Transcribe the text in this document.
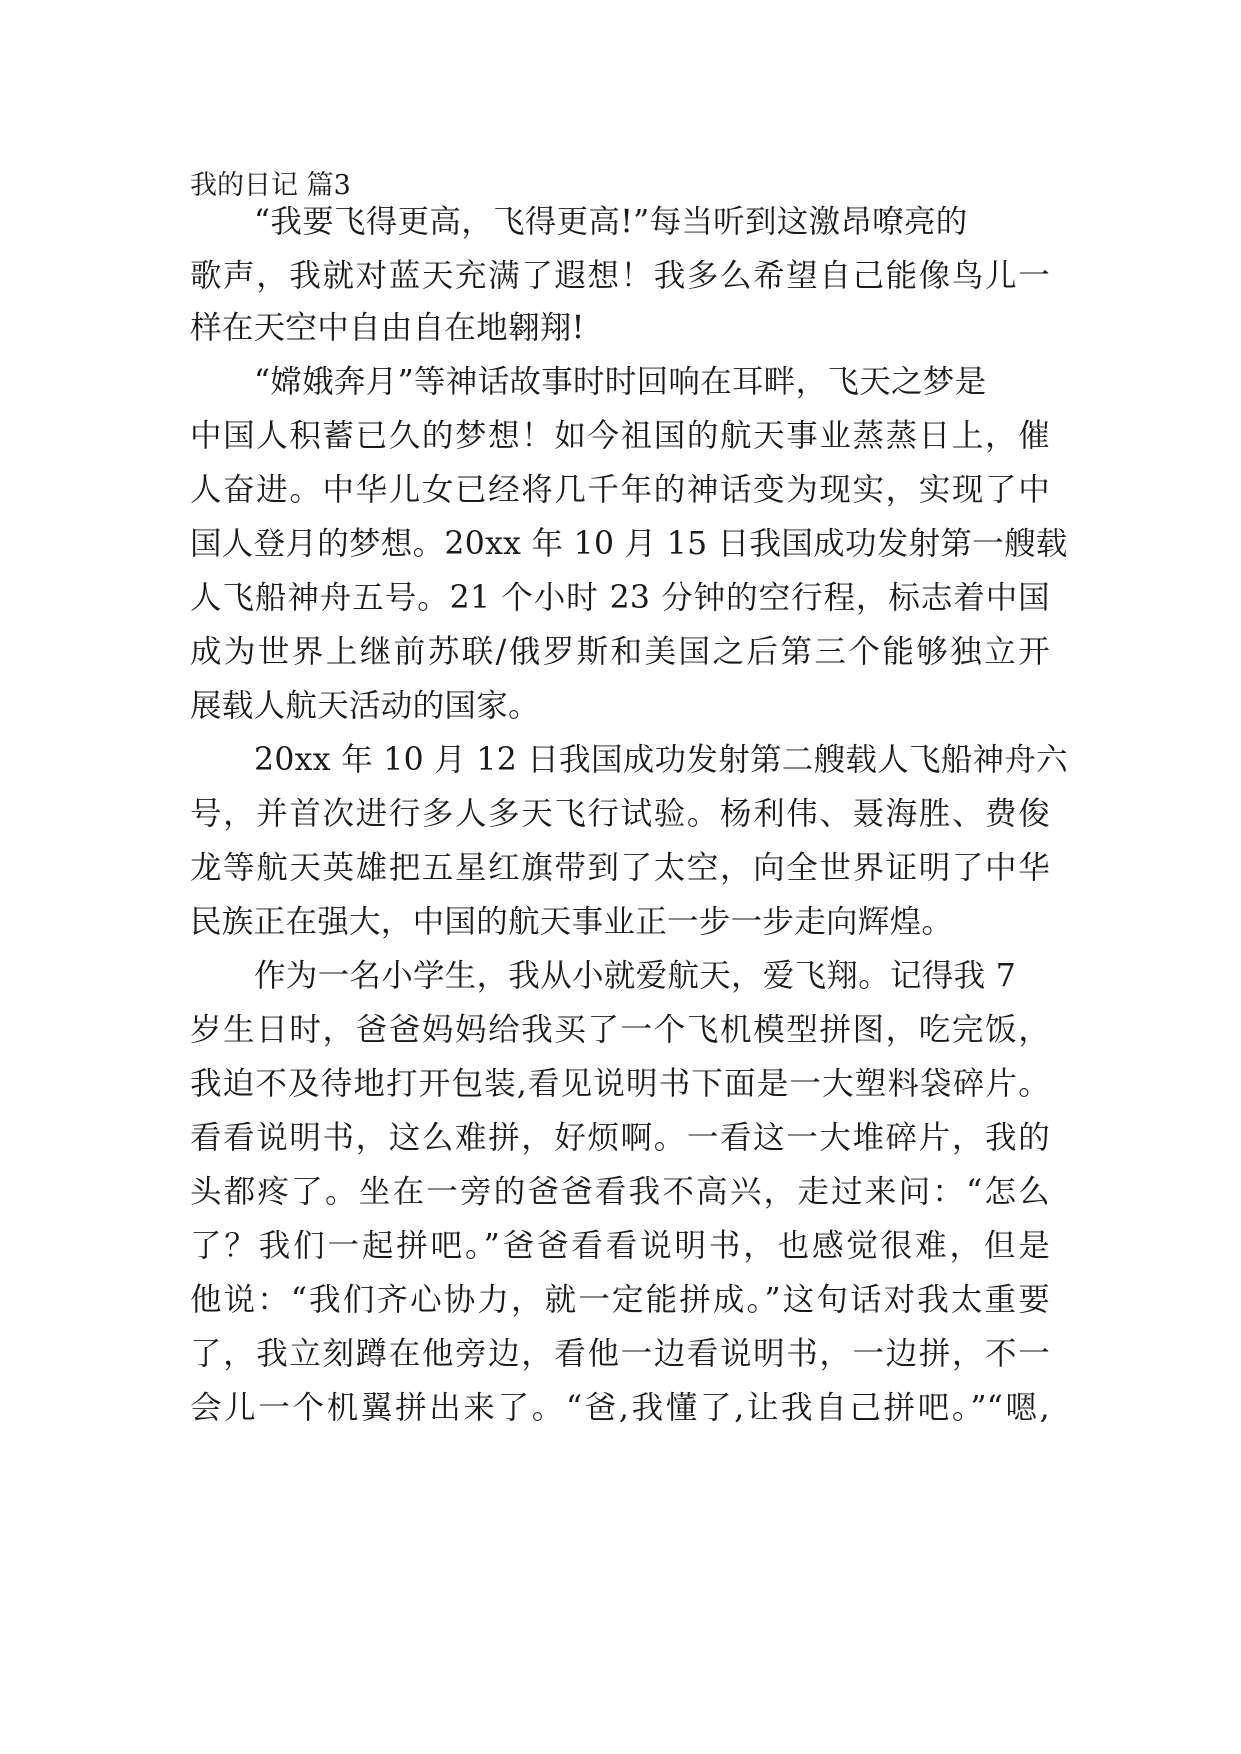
我的日记 篇3
“我要飞得更高，飞得更高!”每当听到这激昂嘹亮的
歌声，我就对蓝天充满了遐想！我多么希望自己能像鸟儿一
样在天空中自由自在地翱翔!
“嫦娥奔月”等神话故事时时回响在耳畔，飞天之梦是
中国人积蓄已久的梦想！如今祖国的航天事业蒸蒸日上，催
人奋进。中华儿女已经将几千年的神话变为现实，实现了中
国人登月的梦想。20xx 年 10 月 15 日我国成功发射第一艘载
人飞船神舟五号。21 个小时 23 分钟的空行程，标志着中国
成为世界上继前苏联/俄罗斯和美国之后第三个能够独立开
展载人航天活动的国家。
20xx 年 10 月 12 日我国成功发射第二艘载人飞船神舟六
号，并首次进行多人多天飞行试验。杨利伟、聂海胜、费俊
龙等航天英雄把五星红旗带到了太空，向全世界证明了中华
民族正在强大，中国的航天事业正一步一步走向辉煌。
作为一名小学生，我从小就爱航天，爱飞翔。记得我 7
岁生日时，爸爸妈妈给我买了一个飞机模型拼图，吃完饭，
我迫不及待地打开包装,看见说明书下面是一大塑料袋碎片。
看看说明书，这么难拼，好烦啊。一看这一大堆碎片，我的
头都疼了。坐在一旁的爸爸看我不高兴，走过来问：“怎么
了？我们一起拼吧。”爸爸看看说明书，也感觉很难，但是
他说：“我们齐心协力，就一定能拼成。”这句话对我太重要
了，我立刻蹲在他旁边，看他一边看说明书，一边拼，不一
会儿一个机翼拼出来了。“爸,我懂了,让我自己拼吧。”“嗯,
